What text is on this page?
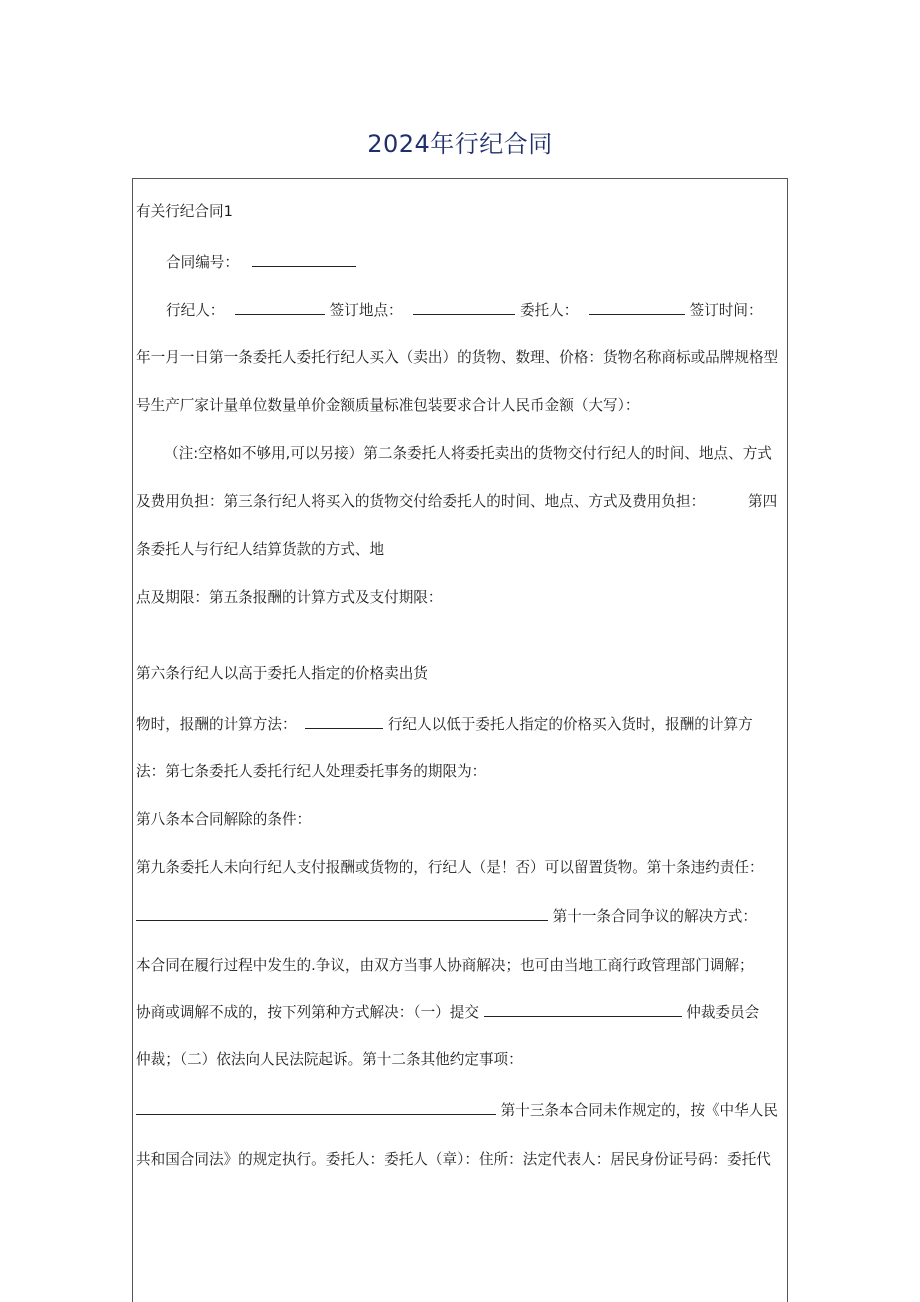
2024年行纪合同
有关行纪合同1
合同编号：
行纪人：	签订地点：	委托人：	签订时间：
年一月一日第一条委托人委托行纪人买入（卖出）的货物、数理、价格：货物名称商标或品牌规格型
号生产厂家计量单位数量单价金额质量标准包装要求合计人民币金额（大写）：
（注:空格如不够用,可以另接）第二条委托人将委托卖出的货物交付行纪人的时间、地点、方式
及费用负担：第三条行纪人将买入的货物交付给委托人的时间、地点、方式及费用负担：	第四
条委托人与行纪人结算货款的方式、地
点及期限：第五条报酬的计算方式及支付期限：
第六条行纪人以高于委托人指定的价格卖出货
物时，报酬的计算方法：	行纪人以低于委托人指定的价格买入货时，报酬的计算方
法：第七条委托人委托行纪人处理委托事务的期限为：
第八条本合同解除的条件：
第九条委托人未向行纪人支付报酬或货物的，行纪人（是！否）可以留置货物。第十条违约责任：
第十一条合同争议的解决方式：
本合同在履行过程中发生的.争议，由双方当事人协商解决；也可由当地工商行政管理部门调解；
协商或调解不成的，按下列第种方式解决：（一）提交	仲裁委员会
仲裁；（二）依法向人民法院起诉。第十二条其他约定事项：
第十三条本合同未作规定的，按《中华人民
共和国合同法》的规定执行。委托人：委托人（章）：住所：法定代表人：居民身份证号码：委托代
